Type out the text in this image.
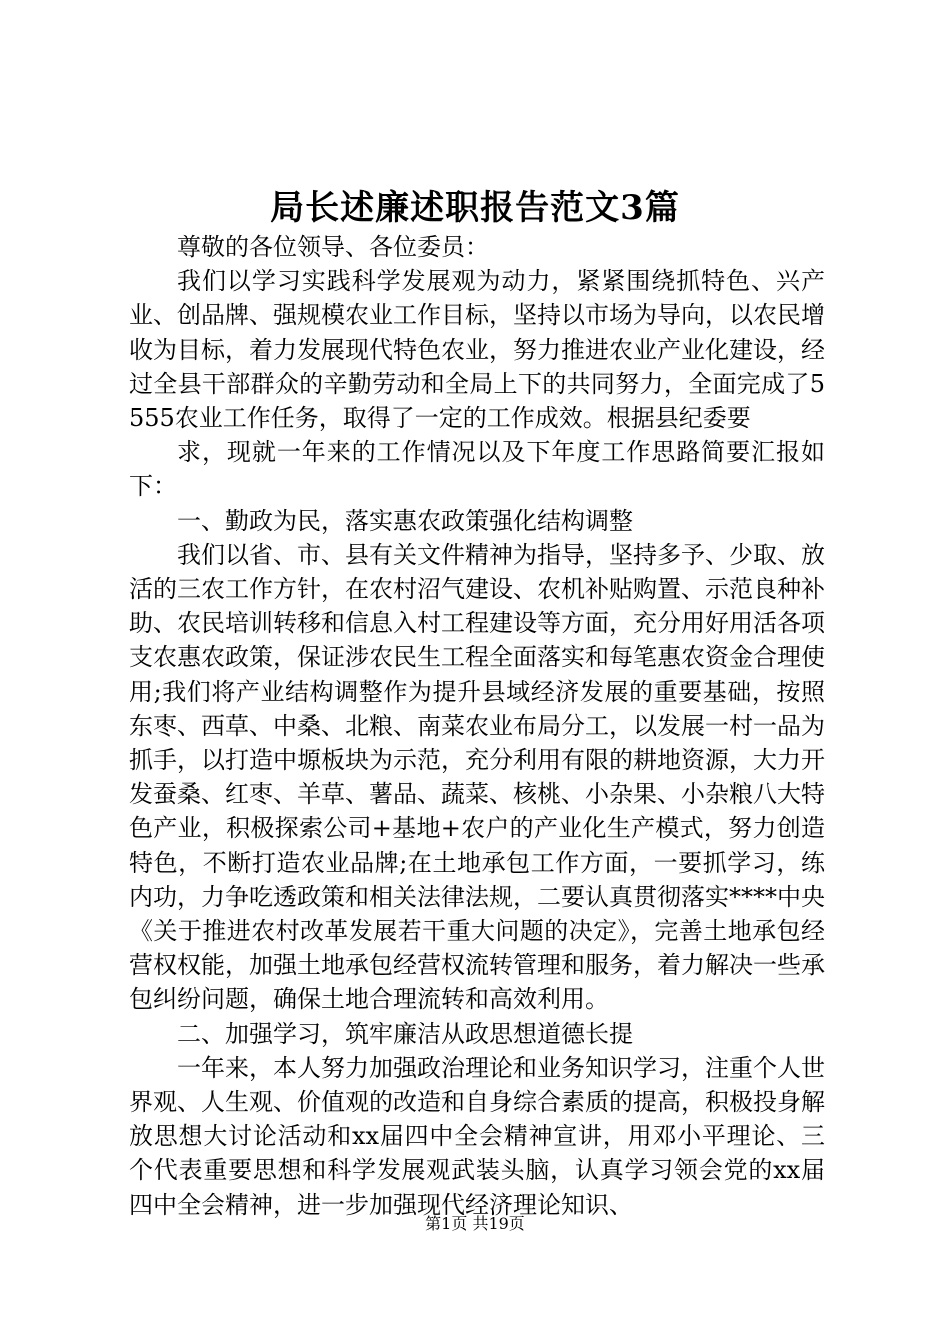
局长述廉述职报告范文3篇

尊敬的各位领导、各位委员：

我们以学习实践科学发展观为动力，紧紧围绕抓特色、兴产业、创品牌、强规模农业工作目标，坚持以市场为导向，以农民增收为目标，着力发展现代特色农业，努力推进农业产业化建设，经过全县干部群众的辛勤劳动和全局上下的共同努力，全面完成了5555农业工作任务，取得了一定的工作成效。根据县纪委要

求，现就一年来的工作情况以及下年度工作思路简要汇报如下：

一、勤政为民，落实惠农政策强化结构调整

我们以省、市、县有关文件精神为指导，坚持多予、少取、放活的三农工作方针，在农村沼气建设、农机补贴购置、示范良种补助、农民培训转移和信息入村工程建设等方面，充分用好用活各项支农惠农政策，保证涉农民生工程全面落实和每笔惠农资金合理使用;我们将产业结构调整作为提升县域经济发展的重要基础，按照东枣、西草、中桑、北粮、南菜农业布局分工，以发展一村一品为抓手，以打造中塬板块为示范，充分利用有限的耕地资源，大力开发蚕桑、红枣、羊草、薯品、蔬菜、核桃、小杂果、小杂粮八大特色产业，积极探索公司+基地+农户的产业化生产模式，努力创造特色，不断打造农业品牌;在土地承包工作方面，一要抓学习，练内功，力争吃透政策和相关法律法规，二要认真贯彻落实****中央《关于推进农村改革发展若干重大问题的决定》，完善土地承包经营权权能，加强土地承包经营权流转管理和服务，着力解决一些承包纠纷问题，确保土地合理流转和高效利用。

二、加强学习，筑牢廉洁从政思想道德长提

一年来，本人努力加强政治理论和业务知识学习，注重个人世界观、人生观、价值观的改造和自身综合素质的提高，积极投身解放思想大讨论活动和xx届四中全会精神宣讲，用邓小平理论、三个代表重要思想和科学发展观武装头脑，认真学习领会党的xx届四中全会精神，进一步加强现代经济理论知识、

第1页 共19页
